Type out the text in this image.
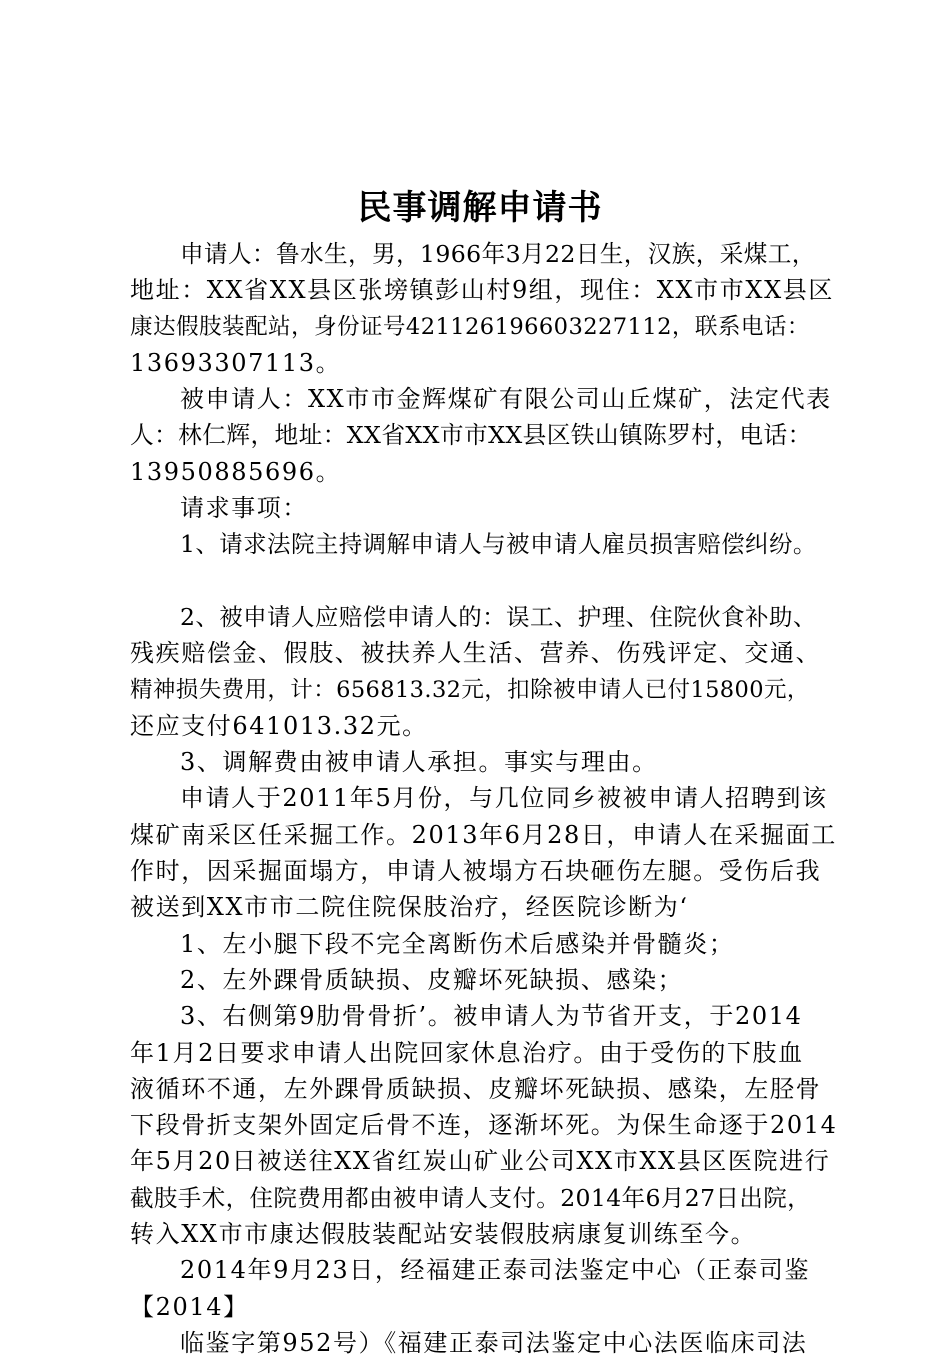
民事调解申请书
申请人：鲁水生，男，1966年3月22日生，汉族，采煤工，
地址：XX省XX县区张塝镇彭山村9组，现住：XX市市XX县区
康达假肢装配站，身份证号421126196603227112，联系电话：
13693307113。
被申请人：XX市市金辉煤矿有限公司山丘煤矿，法定代表
人：林仁辉，地址：XX省XX市市XX县区铁山镇陈罗村，电话：
13950885696。
请求事项：
1、请求法院主持调解申请人与被申请人雇员损害赔偿纠纷。
2、被申请人应赔偿申请人的：误工、护理、住院伙食补助、
残疾赔偿金、假肢、被扶养人生活、营养、伤残评定、交通、
精神损失费用，计：656813.32元，扣除被申请人已付15800元，
还应支付641013.32元。
3、调解费由被申请人承担。事实与理由。
申请人于2011年5月份，与几位同乡被被申请人招聘到该
煤矿南采区任采掘工作。2013年6月28日，申请人在采掘面工
作时，因采掘面塌方，申请人被塌方石块砸伤左腿。受伤后我
被送到XX市市二院住院保肢治疗，经医院诊断为‘
1、左小腿下段不完全离断伤术后感染并骨髓炎；
2、左外踝骨质缺损、皮瓣坏死缺损、感染；
3、右侧第9肋骨骨折’。被申请人为节省开支，于2014
年1月2日要求申请人出院回家休息治疗。由于受伤的下肢血
液循环不通，左外踝骨质缺损、皮瓣坏死缺损、感染，左胫骨
下段骨折支架外固定后骨不连，逐渐坏死。为保生命逐于2014
年5月20日被送往XX省红炭山矿业公司XX市XX县区医院进行
截肢手术，住院费用都由被申请人支付。2014年6月27日出院，
转入XX市市康达假肢装配站安装假肢病康复训练至今。
2014年9月23日，经福建正泰司法鉴定中心（正泰司鉴
【2014】
临鉴字第952号）《福建正泰司法鉴定中心法医临床司法
